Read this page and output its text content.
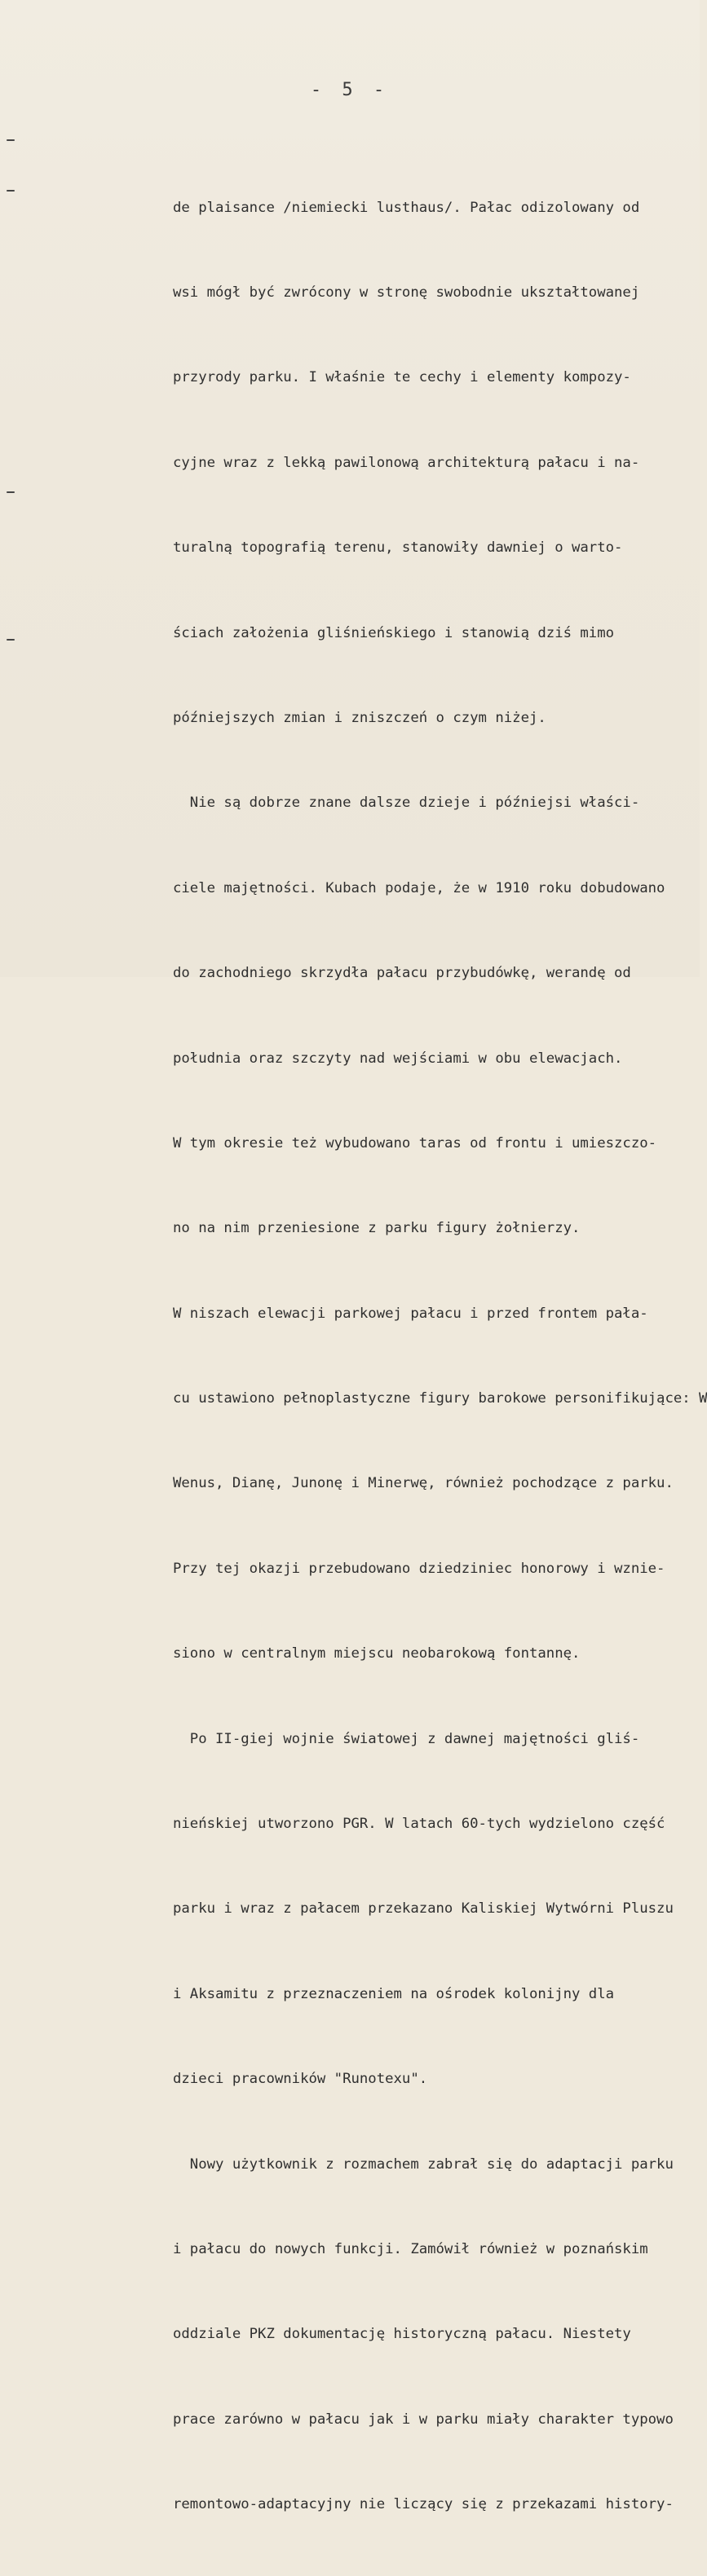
- 5 -

de plaisance /niemiecki lusthaus/. Pałac odizolowany od

wsi mógł być zwrócony w stronę swobodnie ukształtowanej

przyrody parku. I właśnie te cechy i elementy kompozy-

cyjne wraz z lekką pawilonową architekturą pałacu i na-

turalną topografią terenu, stanowiły dawniej o warto-

ściach założenia gliśnieńskiego i stanowią dziś mimo

późniejszych zmian i zniszczeń o czym niżej.

Nie są dobrze znane dalsze dzieje i późniejsi właści-

ciele majętności. Kubach podaje, że w 1910 roku dobudowano

do zachodniego skrzydła pałacu przybudówkę, werandę od

południa oraz szczyty nad wejściami w obu elewacjach.

W tym okresie też wybudowano taras od frontu i umieszczo-

no na nim przeniesione z parku figury żołnierzy.

W niszach elewacji parkowej pałacu i przed frontem pała-

cu ustawiono pełnoplastyczne figury barokowe personifikujące: W

Wenus, Dianę, Junonę i Minerwę, również pochodzące z parku.

Przy tej okazji przebudowano dziedziniec honorowy i wznie-

siono w centralnym miejscu neobarokową fontannę.

Po II-giej wojnie światowej z dawnej majętności gliś-

nieńskiej utworzono PGR. W latach 60-tych wydzielono część

parku i wraz z pałacem przekazano Kaliskiej Wytwórni Pluszu

i Aksamitu z przeznaczeniem na ośrodek kolonijny dla

dzieci pracowników "Runotexu".

Nowy użytkownik z rozmachem zabrał się do adaptacji parku

i pałacu do nowych funkcji. Zamówił również w poznańskim

oddziale PKZ dokumentację historyczną pałacu. Niestety

prace zarówno w pałacu jak i w parku miały charakter typowo

remontowo-adaptacyjny nie liczący się z przekazami history-
